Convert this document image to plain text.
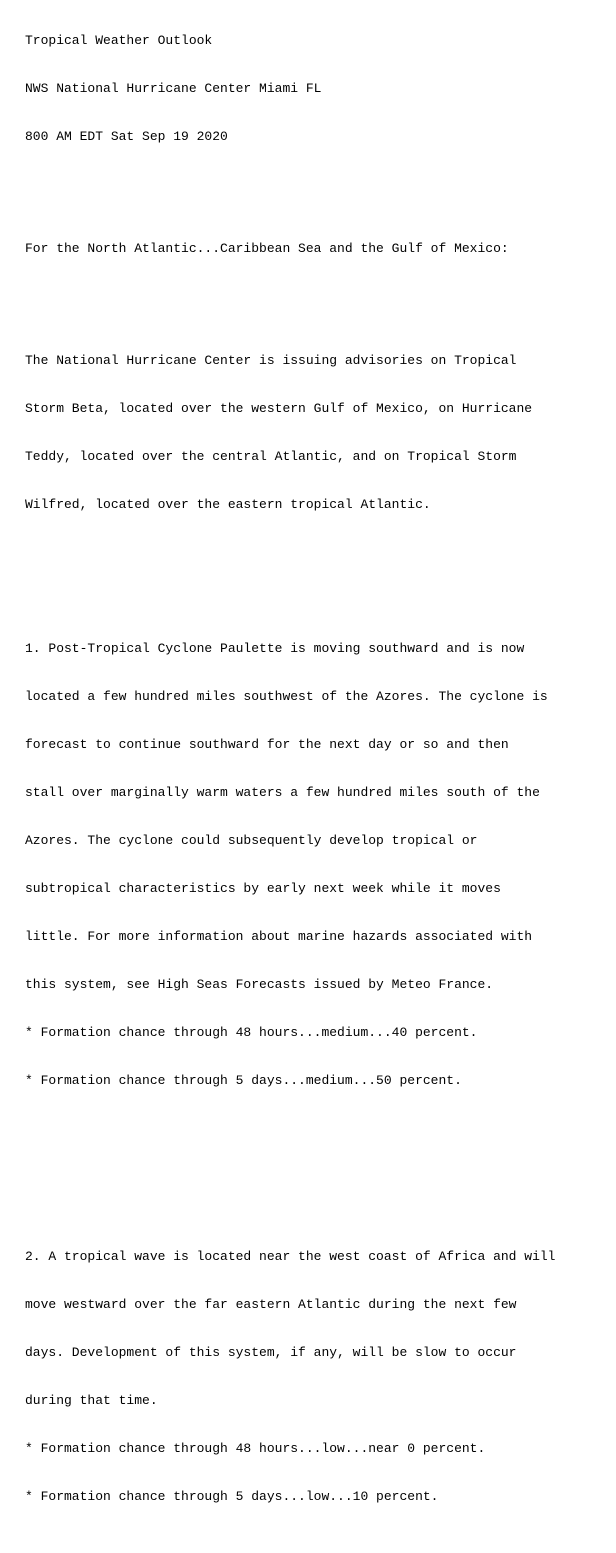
Tropical Weather Outlook

NWS National Hurricane Center Miami FL

800 AM EDT Sat Sep 19 2020

For the North Atlantic...Caribbean Sea and the Gulf of Mexico:

The National Hurricane Center is issuing advisories on Tropical

Storm Beta, located over the western Gulf of Mexico, on Hurricane

Teddy, located over the central Atlantic, and on Tropical Storm

Wilfred, located over the eastern tropical Atlantic.

1. Post-Tropical Cyclone Paulette is moving southward and is now

located a few hundred miles southwest of the Azores. The cyclone is

forecast to continue southward for the next day or so and then

stall over marginally warm waters a few hundred miles south of the

Azores. The cyclone could subsequently develop tropical or

subtropical characteristics by early next week while it moves

little. For more information about marine hazards associated with

this system, see High Seas Forecasts issued by Meteo France.

* Formation chance through 48 hours...medium...40 percent.

* Formation chance through 5 days...medium...50 percent.

2. A tropical wave is located near the west coast of Africa and will

move westward over the far eastern Atlantic during the next few

days. Development of this system, if any, will be slow to occur

during that time.

* Formation chance through 48 hours...low...near 0 percent.

* Formation chance through 5 days...low...10 percent.
